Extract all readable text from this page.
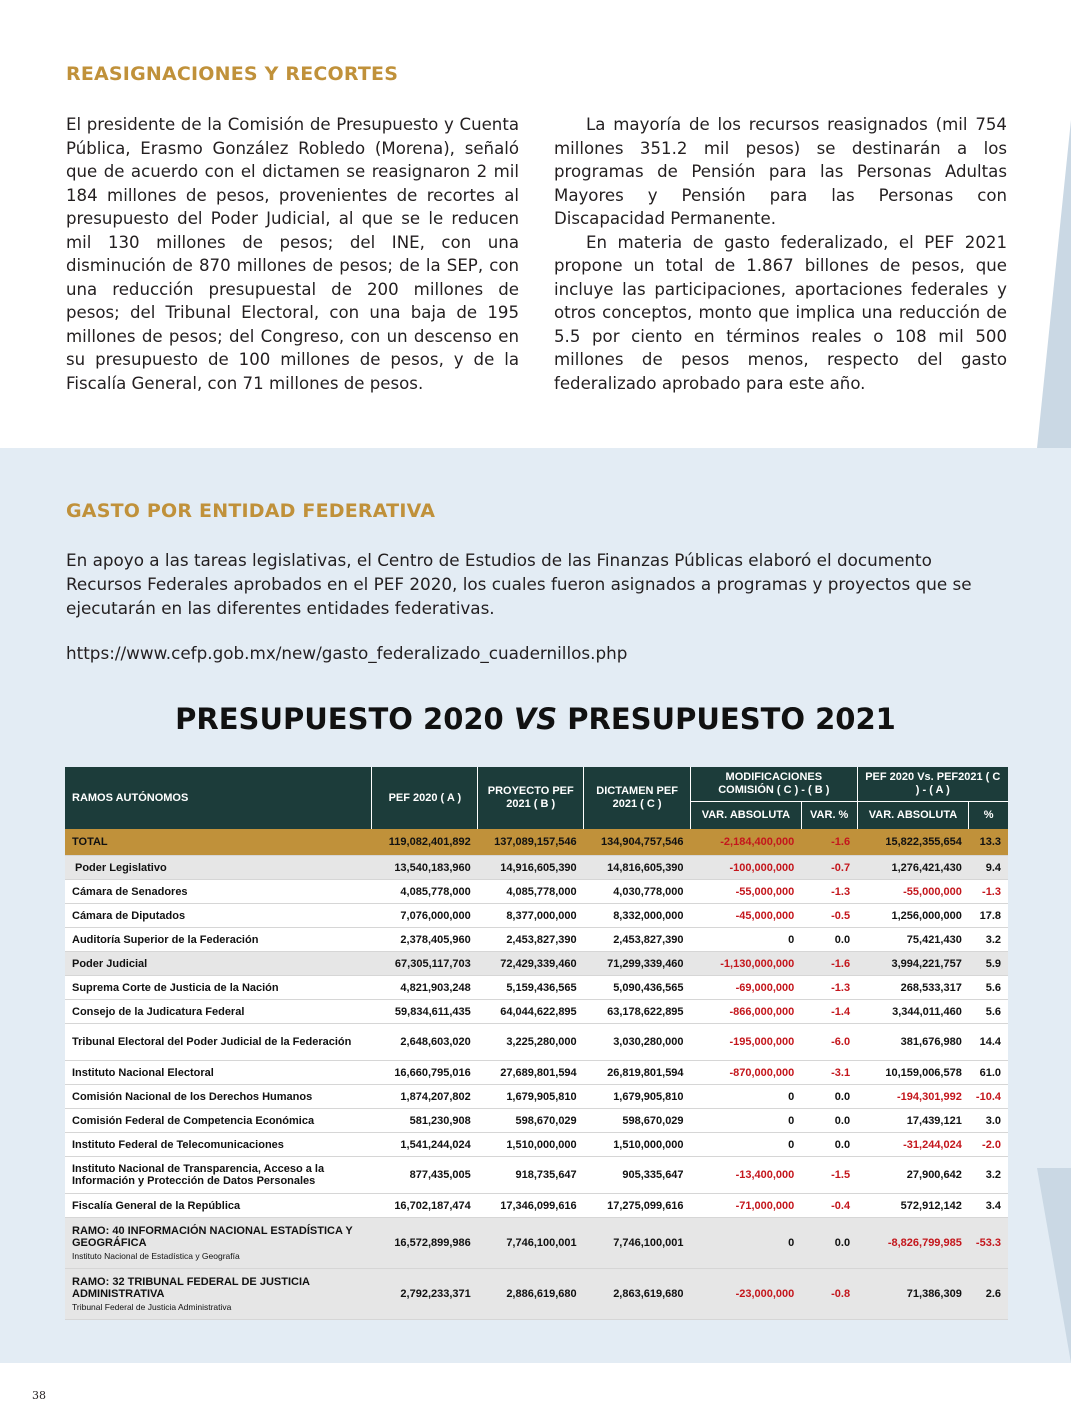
REASIGNACIONES Y RECORTES

El presidente de la Comisión de Presupuesto y Cuenta Pública, Erasmo González Robledo (Morena), señaló que de acuerdo con el dictamen se reasignaron 2 mil 184 millones de pesos, provenientes de recortes al presupuesto del Poder Judicial, al que se le reducen mil 130 millones de pesos; del INE, con una disminución de 870 millones de pesos; de la SEP, con una reducción presupuestal de 200 millones de pesos; del Tribunal Electoral, con una baja de 195 millones de pesos; del Congreso, con un descenso en su presupuesto de 100 millones de pesos, y de la Fiscalía General, con 71 millones de pesos.

La mayoría de los recursos reasignados (mil 754 millones 351.2 mil pesos) se destinarán a los programas de Pensión para las Personas Adultas Mayores y Pensión para las Personas con Discapacidad Permanente.

En materia de gasto federalizado, el PEF 2021 propone un total de 1.867 billones de pesos, que incluye las participaciones, aportaciones federales y otros conceptos, monto que implica una reducción de 5.5 por ciento en términos reales o 108 mil 500 millones de pesos menos, respecto del gasto federalizado aprobado para este año.

GASTO POR ENTIDAD FEDERATIVA

En apoyo a las tareas legislativas, el Centro de Estudios de las Finanzas Públicas elaboró el documento Recursos Federales aprobados en el PEF 2020, los cuales fueron asignados a programas y proyectos que se ejecutarán en las diferentes entidades federativas.

https://www.cefp.gob.mx/new/gasto_federalizado_cuadernillos.php

PRESUPUESTO 2020 VS PRESUPUESTO 2021
RAMOS AUTÓNOMOS	PEF 2020 ( A )	PROYECTO PEF 2021 ( B )	DICTAMEN PEF 2021 ( C )	MODIFICACIONES COMISIÓN ( C ) - ( B )		PEF 2020 Vs. PEF2021 ( C ) - ( A )	
				VAR. ABSOLUTA	VAR. %	VAR. ABSOLUTA	%
TOTAL	119,082,401,892	137,089,157,546	134,904,757,546	-2,184,400,000	-1.6	15,822,355,654	13.3
Poder Legislativo	13,540,183,960	14,916,605,390	14,816,605,390	-100,000,000	-0.7	1,276,421,430	9.4
Cámara de Senadores	4,085,778,000	4,085,778,000	4,030,778,000	-55,000,000	-1.3	-55,000,000	-1.3
Cámara de Diputados	7,076,000,000	8,377,000,000	8,332,000,000	-45,000,000	-0.5	1,256,000,000	17.8
Auditoría Superior de la Federación	2,378,405,960	2,453,827,390	2,453,827,390	0	0.0	75,421,430	3.2
Poder Judicial	67,305,117,703	72,429,339,460	71,299,339,460	-1,130,000,000	-1.6	3,994,221,757	5.9
Suprema Corte de Justicia de la Nación	4,821,903,248	5,159,436,565	5,090,436,565	-69,000,000	-1.3	268,533,317	5.6
Consejo de la Judicatura Federal	59,834,611,435	64,044,622,895	63,178,622,895	-866,000,000	-1.4	3,344,011,460	5.6
Tribunal Electoral del Poder Judicial de la Federación	2,648,603,020	3,225,280,000	3,030,280,000	-195,000,000	-6.0	381,676,980	14.4
Instituto Nacional Electoral	16,660,795,016	27,689,801,594	26,819,801,594	-870,000,000	-3.1	10,159,006,578	61.0
Comisión Nacional de los Derechos Humanos	1,874,207,802	1,679,905,810	1,679,905,810	0	0.0	-194,301,992	-10.4
Comisión Federal de Competencia Económica	581,230,908	598,670,029	598,670,029	0	0.0	17,439,121	3.0
Instituto Federal de Telecomunicaciones	1,541,244,024	1,510,000,000	1,510,000,000	0	0.0	-31,244,024	-2.0
Instituto Nacional de Transparencia, Acceso a la Información y Protección de Datos Personales	877,435,005	918,735,647	905,335,647	-13,400,000	-1.5	27,900,642	3.2
Fiscalía General de la República	16,702,187,474	17,346,099,616	17,275,099,616	-71,000,000	-0.4	572,912,142	3.4
RAMO: 40 INFORMACIÓN NACIONAL ESTADÍSTICA Y GEOGRÁFICA
Instituto Nacional de Estadística y Geografía	16,572,899,986	7,746,100,001	7,746,100,001	0	0.0	-8,826,799,985	-53.3
RAMO: 32 TRIBUNAL FEDERAL DE JUSTICIA ADMINISTRATIVA
Tribunal Federal de Justicia Administrativa	2,792,233,371	2,886,619,680	2,863,619,680	-23,000,000	-0.8	71,386,309	2.6
38
